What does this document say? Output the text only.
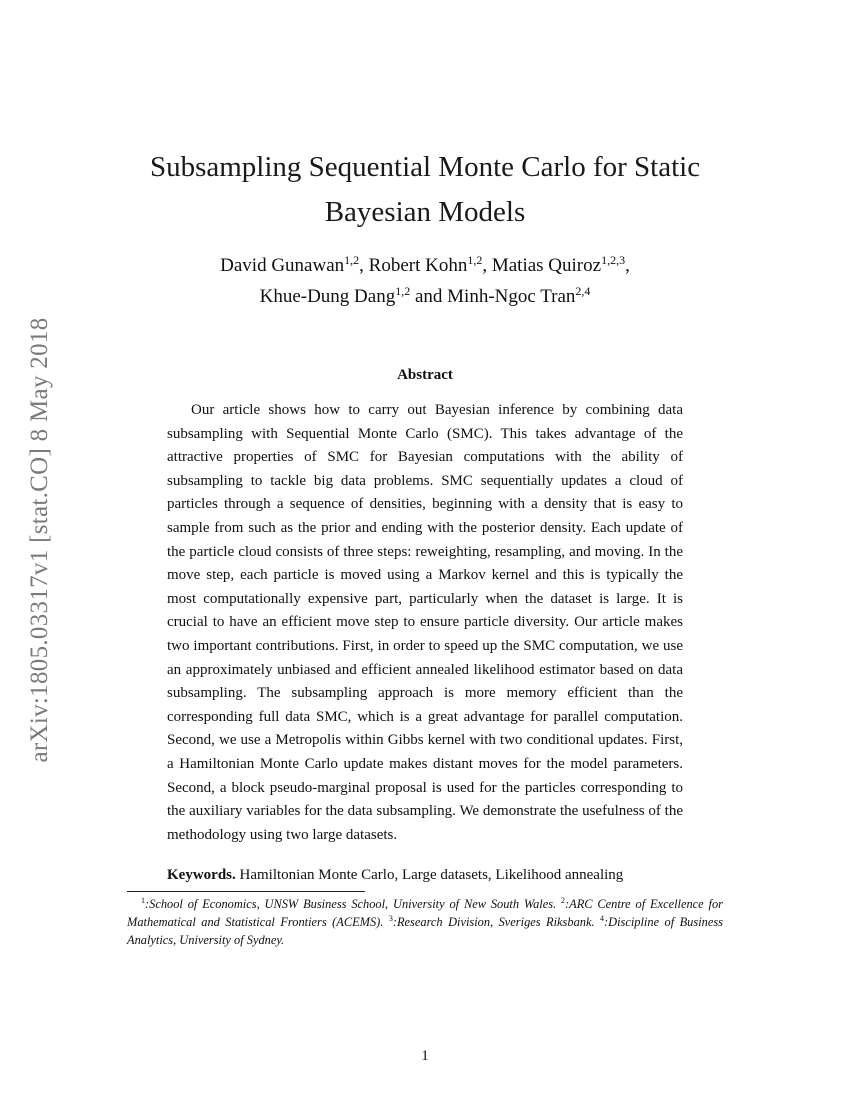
arXiv:1805.03317v1 [stat.CO] 8 May 2018
Subsampling Sequential Monte Carlo for Static
Bayesian Models
David Gunawan$^{1,2}$, Robert Kohn$^{1,2}$, Matias Quiroz$^{1,2,3}$,
Khue-Dung Dang$^{1,2}$ and Minh-Ngoc Tran$^{2,4}$
Abstract

Our article shows how to carry out Bayesian inference by combining data subsampling with Sequential Monte Carlo (SMC). This takes advantage of the attractive properties of SMC for Bayesian computations with the ability of subsampling to tackle big data problems. SMC sequentially updates a cloud of particles through a sequence of densities, beginning with a density that is easy to sample from such as the prior and ending with the posterior density. Each update of the particle cloud consists of three steps: reweighting, resampling, and moving. In the move step, each particle is moved using a Markov kernel and this is typically the most computationally expensive part, particularly when the dataset is large. It is crucial to have an efficient move step to ensure particle diversity. Our article makes two important contributions. First, in order to speed up the SMC computation, we use an approximately unbiased and efficient annealed likelihood estimator based on data subsampling. The subsampling approach is more memory efficient than the corresponding full data SMC, which is a great advantage for parallel computation. Second, we use a Metropolis within Gibbs kernel with two conditional updates. First, a Hamiltonian Monte Carlo update makes distant moves for the model parameters. Second, a block pseudo-marginal proposal is used for the particles corresponding to the auxiliary variables for the data subsampling. We demonstrate the usefulness of the methodology using two large datasets.

Keywords. Hamiltonian Monte Carlo, Large datasets, Likelihood annealing

$^1$:School of Economics, UNSW Business School, University of New South Wales. $^2$:ARC Centre of Excellence for Mathematical and Statistical Frontiers (ACEMS). $^3$:Research Division, Sveriges Riksbank. $^4$:Discipline of Business Analytics, University of Sydney.

1
